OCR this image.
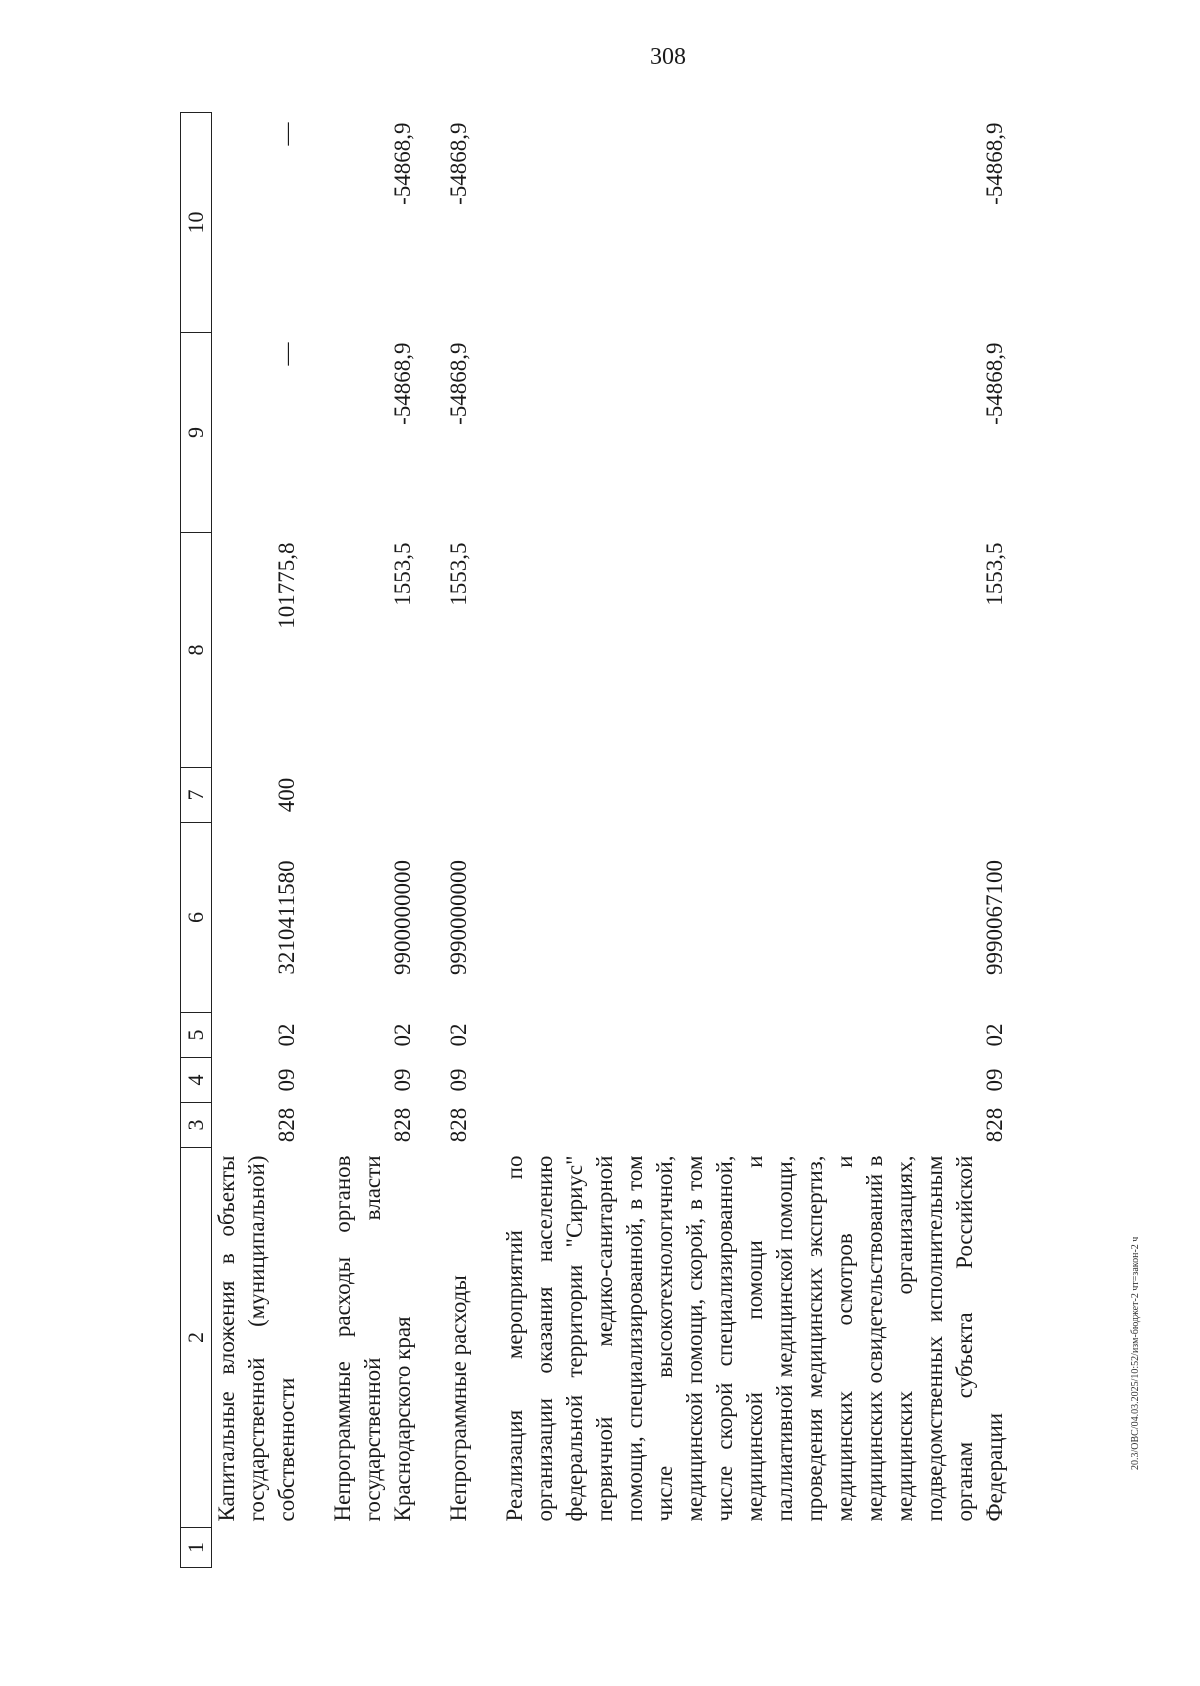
308
20.3/ОВС/04.03.2025/10:52/изм-бюджет-2 чт=закон-2 ч
1	2	3	4	5	6	7	8	9	10
	Капитальные вложения в объекты государственной (муниципальной) собственности	828	09	02	3210411580	400	101775,8	—	—

	Непрограммные расходы органов государственной власти Краснодарского края	828	09	02	9900000000		1553,5	-54868,9	-54868,9

	Непрограммные расходы	828	09	02	9990000000		1553,5	-54868,9	-54868,9

	Реализация мероприятий по организации оказания населению федеральной территории "Сириус" первичной медико-санитарной помощи, специализированной, в том числе высокотехнологичной, медицинской помощи, скорой, в том числе скорой специализированной, медицинской помощи и паллиативной медицинской помощи, проведения медицинских экспертиз, медицинских осмотров и медицинских освидетельствований в медицинских организациях, подведомственных исполнительным органам субъекта Российской Федерации	828	09	02	9990067100		1553,5	-54868,9	-54868,9
